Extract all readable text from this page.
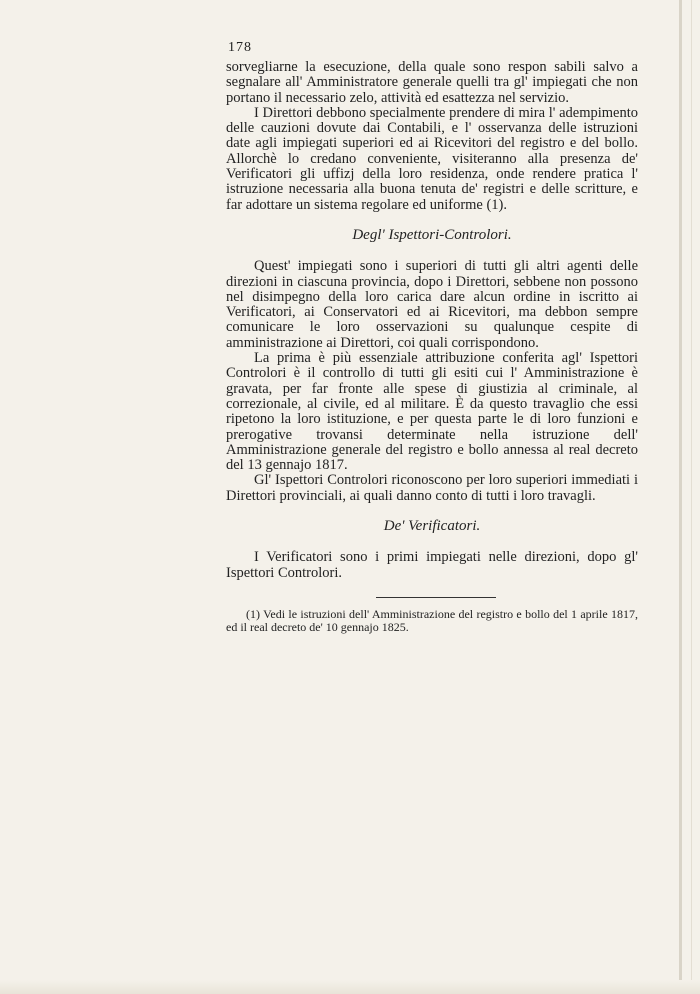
178

sorvegliarne la esecuzione, della quale sono respon sabili salvo a segnalare all' Amministratore generale quelli tra gl' impiegati che non portano il necessario zelo, attività ed esattezza nel servizio.

I Direttori debbono specialmente prendere di mira l' adempimento delle cauzioni dovute dai Contabili, e l' osservanza delle istruzioni date agli impiegati superiori ed ai Ricevitori del registro e del bollo. Allorchè lo credano conveniente, visiteranno alla presenza de' Verificatori gli uffizj della loro residenza, onde rendere pratica l' istruzione necessaria alla buona tenuta de' registri e delle scritture, e far adottare un sistema regolare ed uniforme (1).

Degl' Ispettori-Controlori.

Quest' impiegati sono i superiori di tutti gli altri agenti delle direzioni in ciascuna provincia, dopo i Direttori, sebbene non possono nel disimpegno della loro carica dare alcun ordine in iscritto ai Verificatori, ai Conservatori ed ai Ricevitori, ma debbon sempre comunicare le loro osservazioni su qualunque cespite di amministrazione ai Direttori, coi quali corrispondono.

La prima è più essenziale attribuzione conferita agl' Ispettori Controlori è il controllo di tutti gli esiti cui l' Amministrazione è gravata, per far fronte alle spese di giustizia al criminale, al correzionale, al civile, ed al militare. È da questo travaglio che essi ripetono la loro istituzione, e per questa parte le di loro funzioni e prerogative trovansi determinate nella istruzione dell' Amministrazione generale del registro e bollo annessa al real decreto del 13 gennajo 1817.

Gl' Ispettori Controlori riconoscono per loro superiori immediati i Direttori provinciali, ai quali danno conto di tutti i loro travagli.

De' Verificatori.

I Verificatori sono i primi impiegati nelle direzioni, dopo gl' Ispettori Controlori.

(1) Vedi le istruzioni dell' Amministrazione del registro e bollo del 1 aprile 1817, ed il real decreto de' 10 gennajo 1825.
